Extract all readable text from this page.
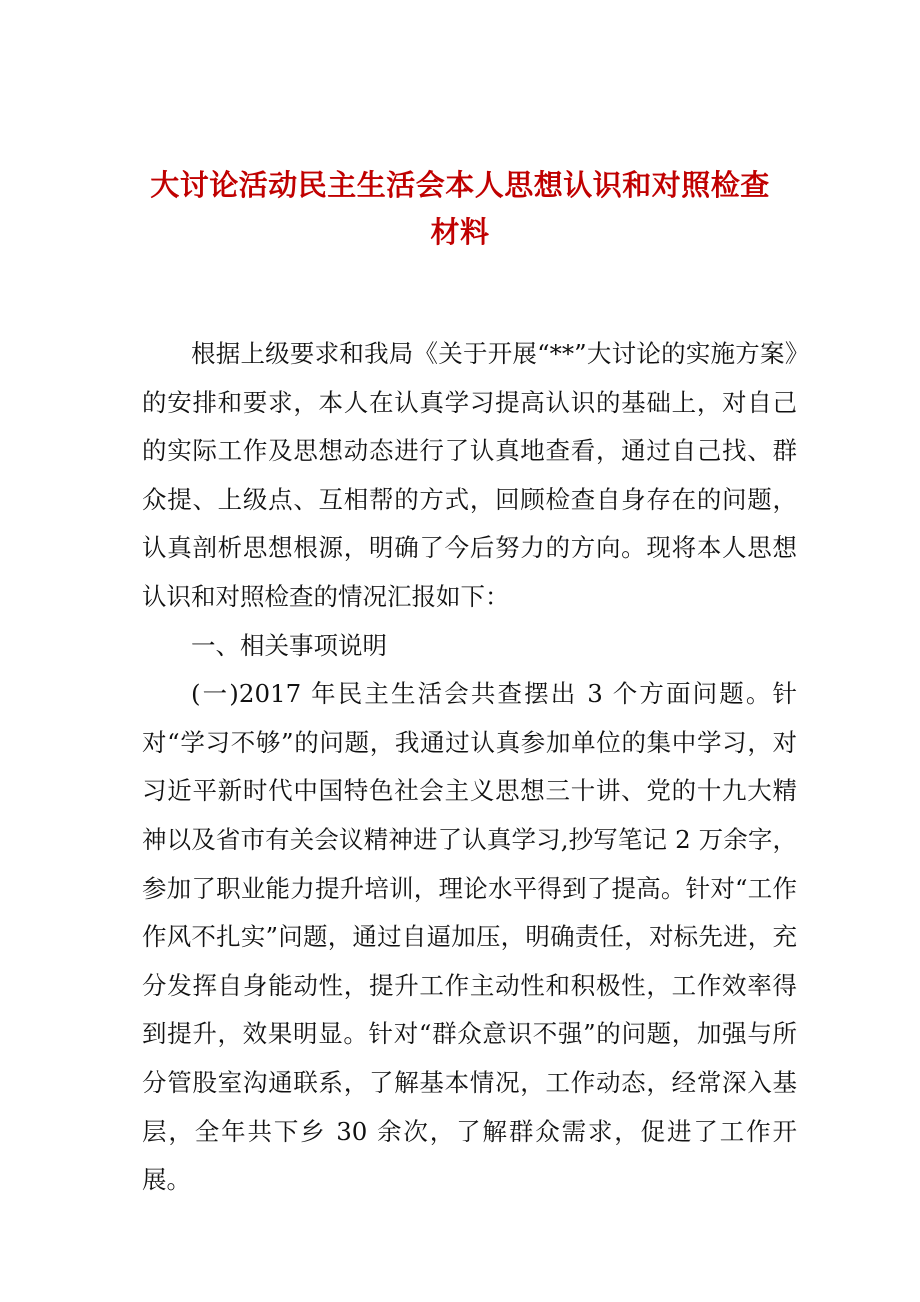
大讨论活动民主生活会本人思想认识和对照检查材料

根据上级要求和我局《关于开展“**”大讨论的实施方案》的安排和要求，本人在认真学习提高认识的基础上，对自己的实际工作及思想动态进行了认真地查看，通过自己找、群众提、上级点、互相帮的方式，回顾检查自身存在的问题，认真剖析思想根源，明确了今后努力的方向。现将本人思想认识和对照检查的情况汇报如下：

一、相关事项说明

(一)2017 年民主生活会共查摆出 3 个方面问题。针对“学习不够”的问题，我通过认真参加单位的集中学习，对习近平新时代中国特色社会主义思想三十讲、党的十九大精神以及省市有关会议精神进了认真学习,抄写笔记 2 万余字，参加了职业能力提升培训，理论水平得到了提高。针对“工作作风不扎实”问题，通过自逼加压，明确责任，对标先进，充分发挥自身能动性，提升工作主动性和积极性，工作效率得到提升，效果明显。针对“群众意识不强”的问题，加强与所分管股室沟通联系，了解基本情况，工作动态，经常深入基层，全年共下乡 30 余次，了解群众需求，促进了工作开展。
